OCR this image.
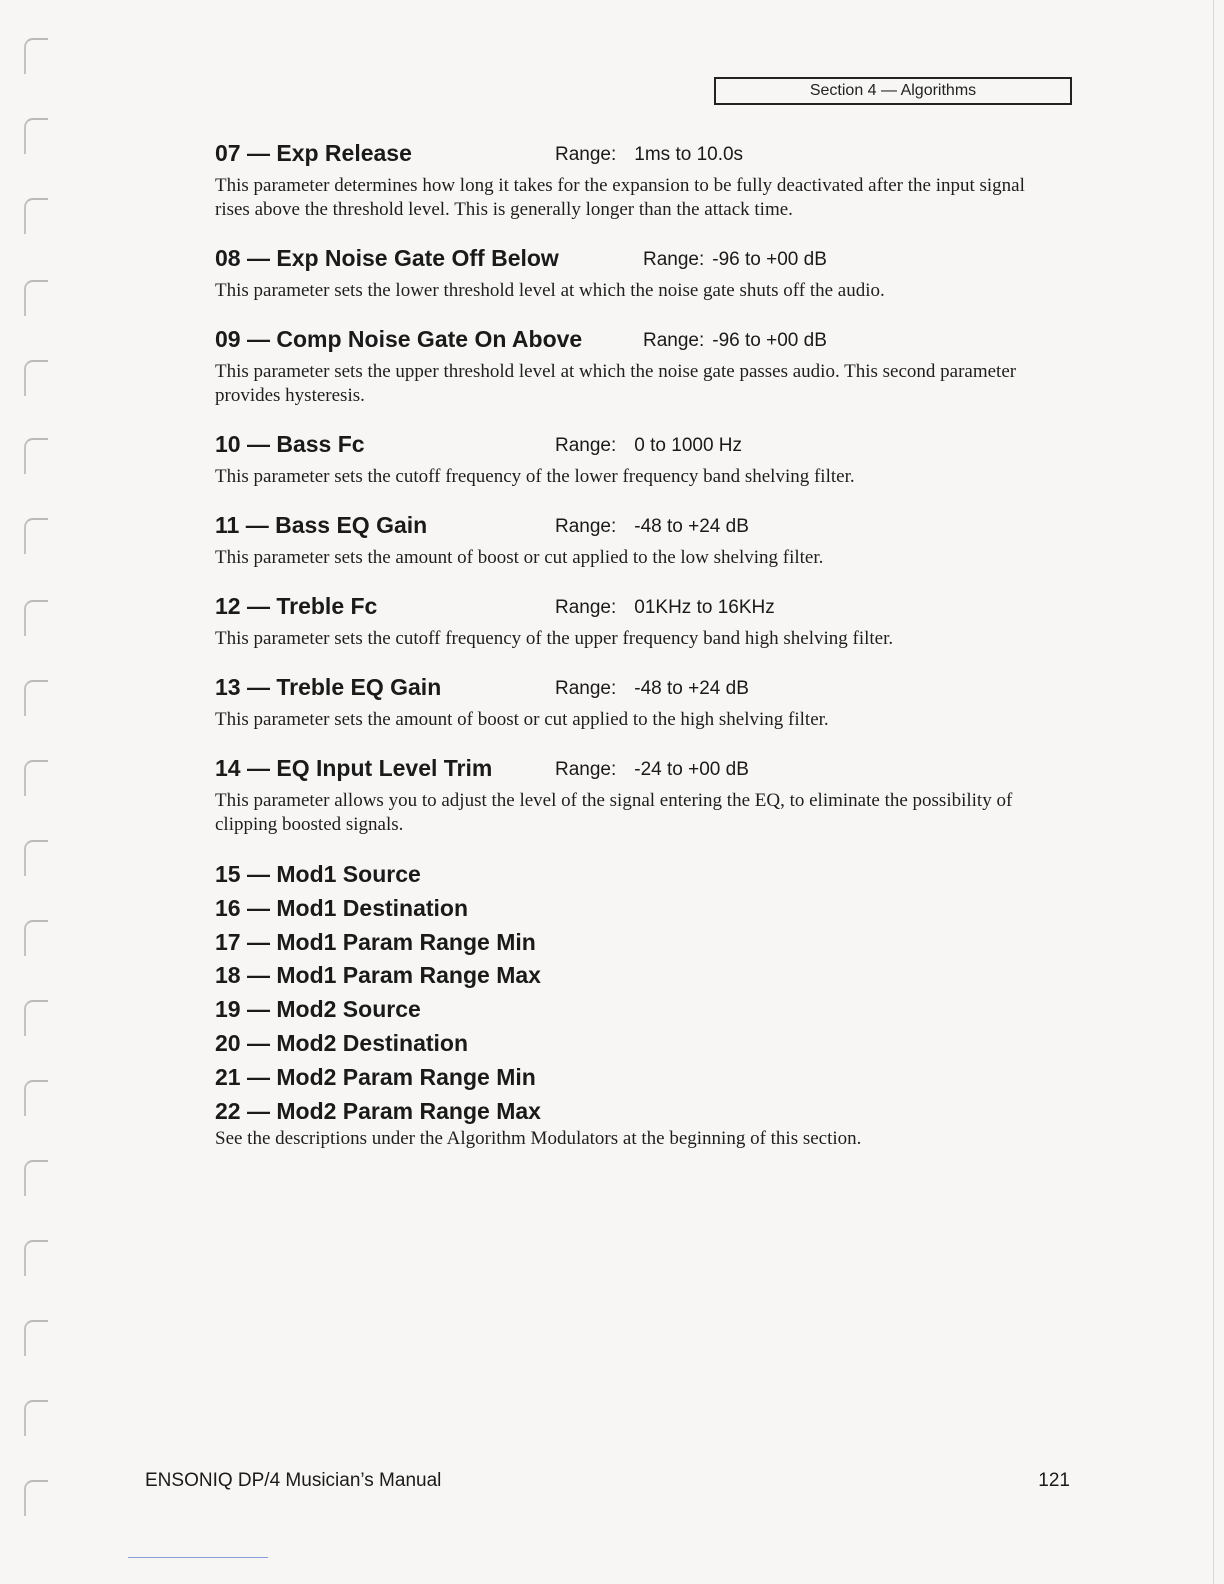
Section 4 — Algorithms
07 — Exp Release	Range: 1ms to 10.0s
This parameter determines how long it takes for the expansion to be fully deactivated after the input signal rises above the threshold level. This is generally longer than the attack time.
08 — Exp Noise Gate Off Below	Range: -96 to +00 dB
This parameter sets the lower threshold level at which the noise gate shuts off the audio.
09 — Comp Noise Gate On Above	Range: -96 to +00 dB
This parameter sets the upper threshold level at which the noise gate passes audio. This second parameter provides hysteresis.
10 — Bass Fc	Range: 0 to 1000 Hz
This parameter sets the cutoff frequency of the lower frequency band shelving filter.
11 — Bass EQ Gain	Range: -48 to +24 dB
This parameter sets the amount of boost or cut applied to the low shelving filter.
12 — Treble Fc	Range: 01KHz to 16KHz
This parameter sets the cutoff frequency of the upper frequency band high shelving filter.
13 — Treble EQ Gain	Range: -48 to +24 dB
This parameter sets the amount of boost or cut applied to the high shelving filter.
14 — EQ Input Level Trim	Range: -24 to +00 dB
This parameter allows you to adjust the level of the signal entering the EQ, to eliminate the possibility of clipping boosted signals.
15 — Mod1 Source
16 — Mod1 Destination
17 — Mod1 Param Range Min
18 — Mod1 Param Range Max
19 — Mod2 Source
20 — Mod2 Destination
21 — Mod2 Param Range Min
22 — Mod2 Param Range Max
See the descriptions under the Algorithm Modulators at the beginning of this section.
ENSONIQ DP/4 Musician’s Manual	121
